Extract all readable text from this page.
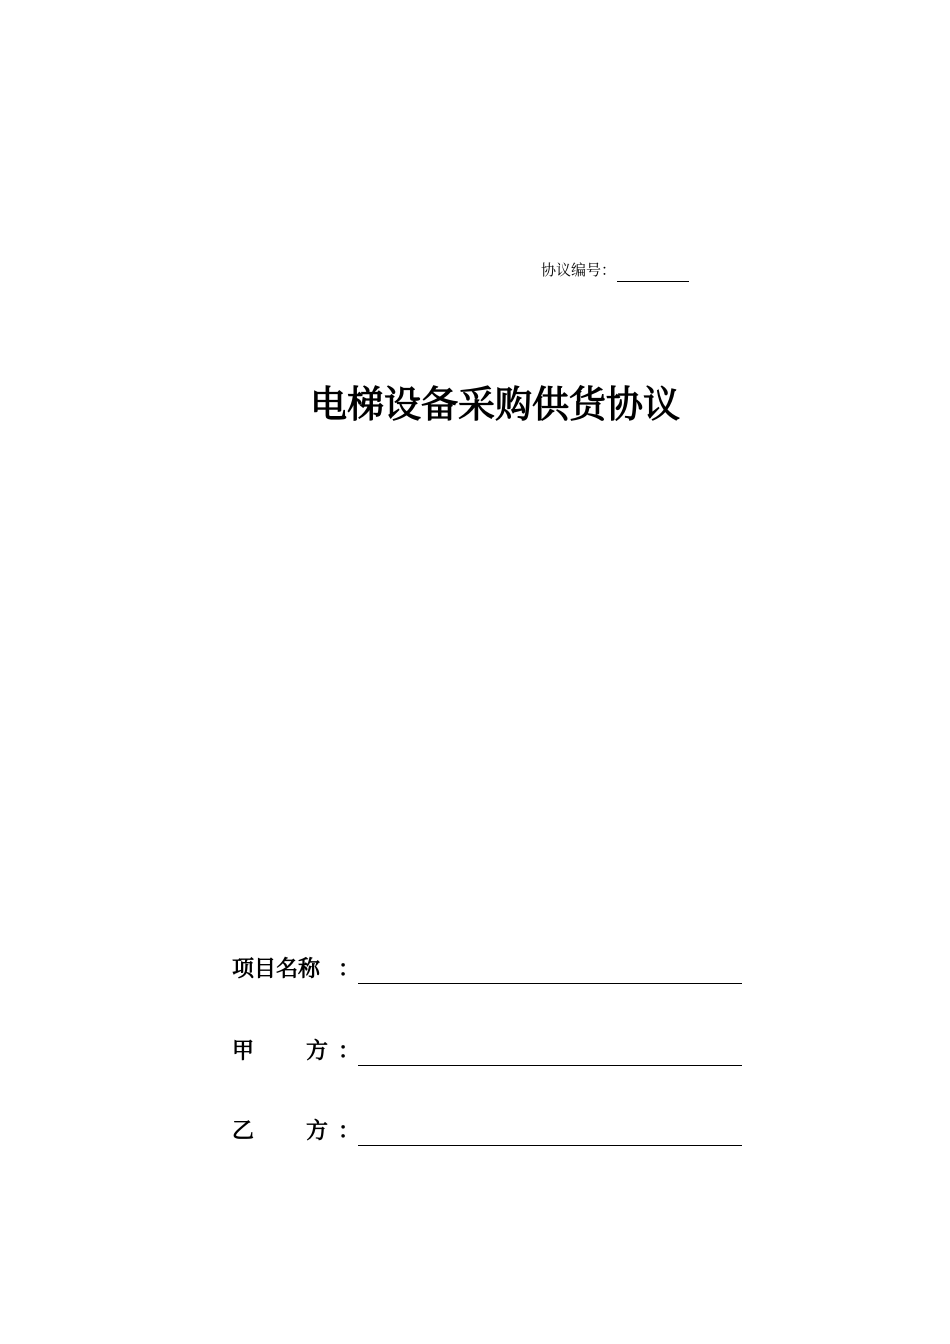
协议编号：
电梯设备采购供货协议
项目名称 ：
甲 方 ：
乙 方 ：
